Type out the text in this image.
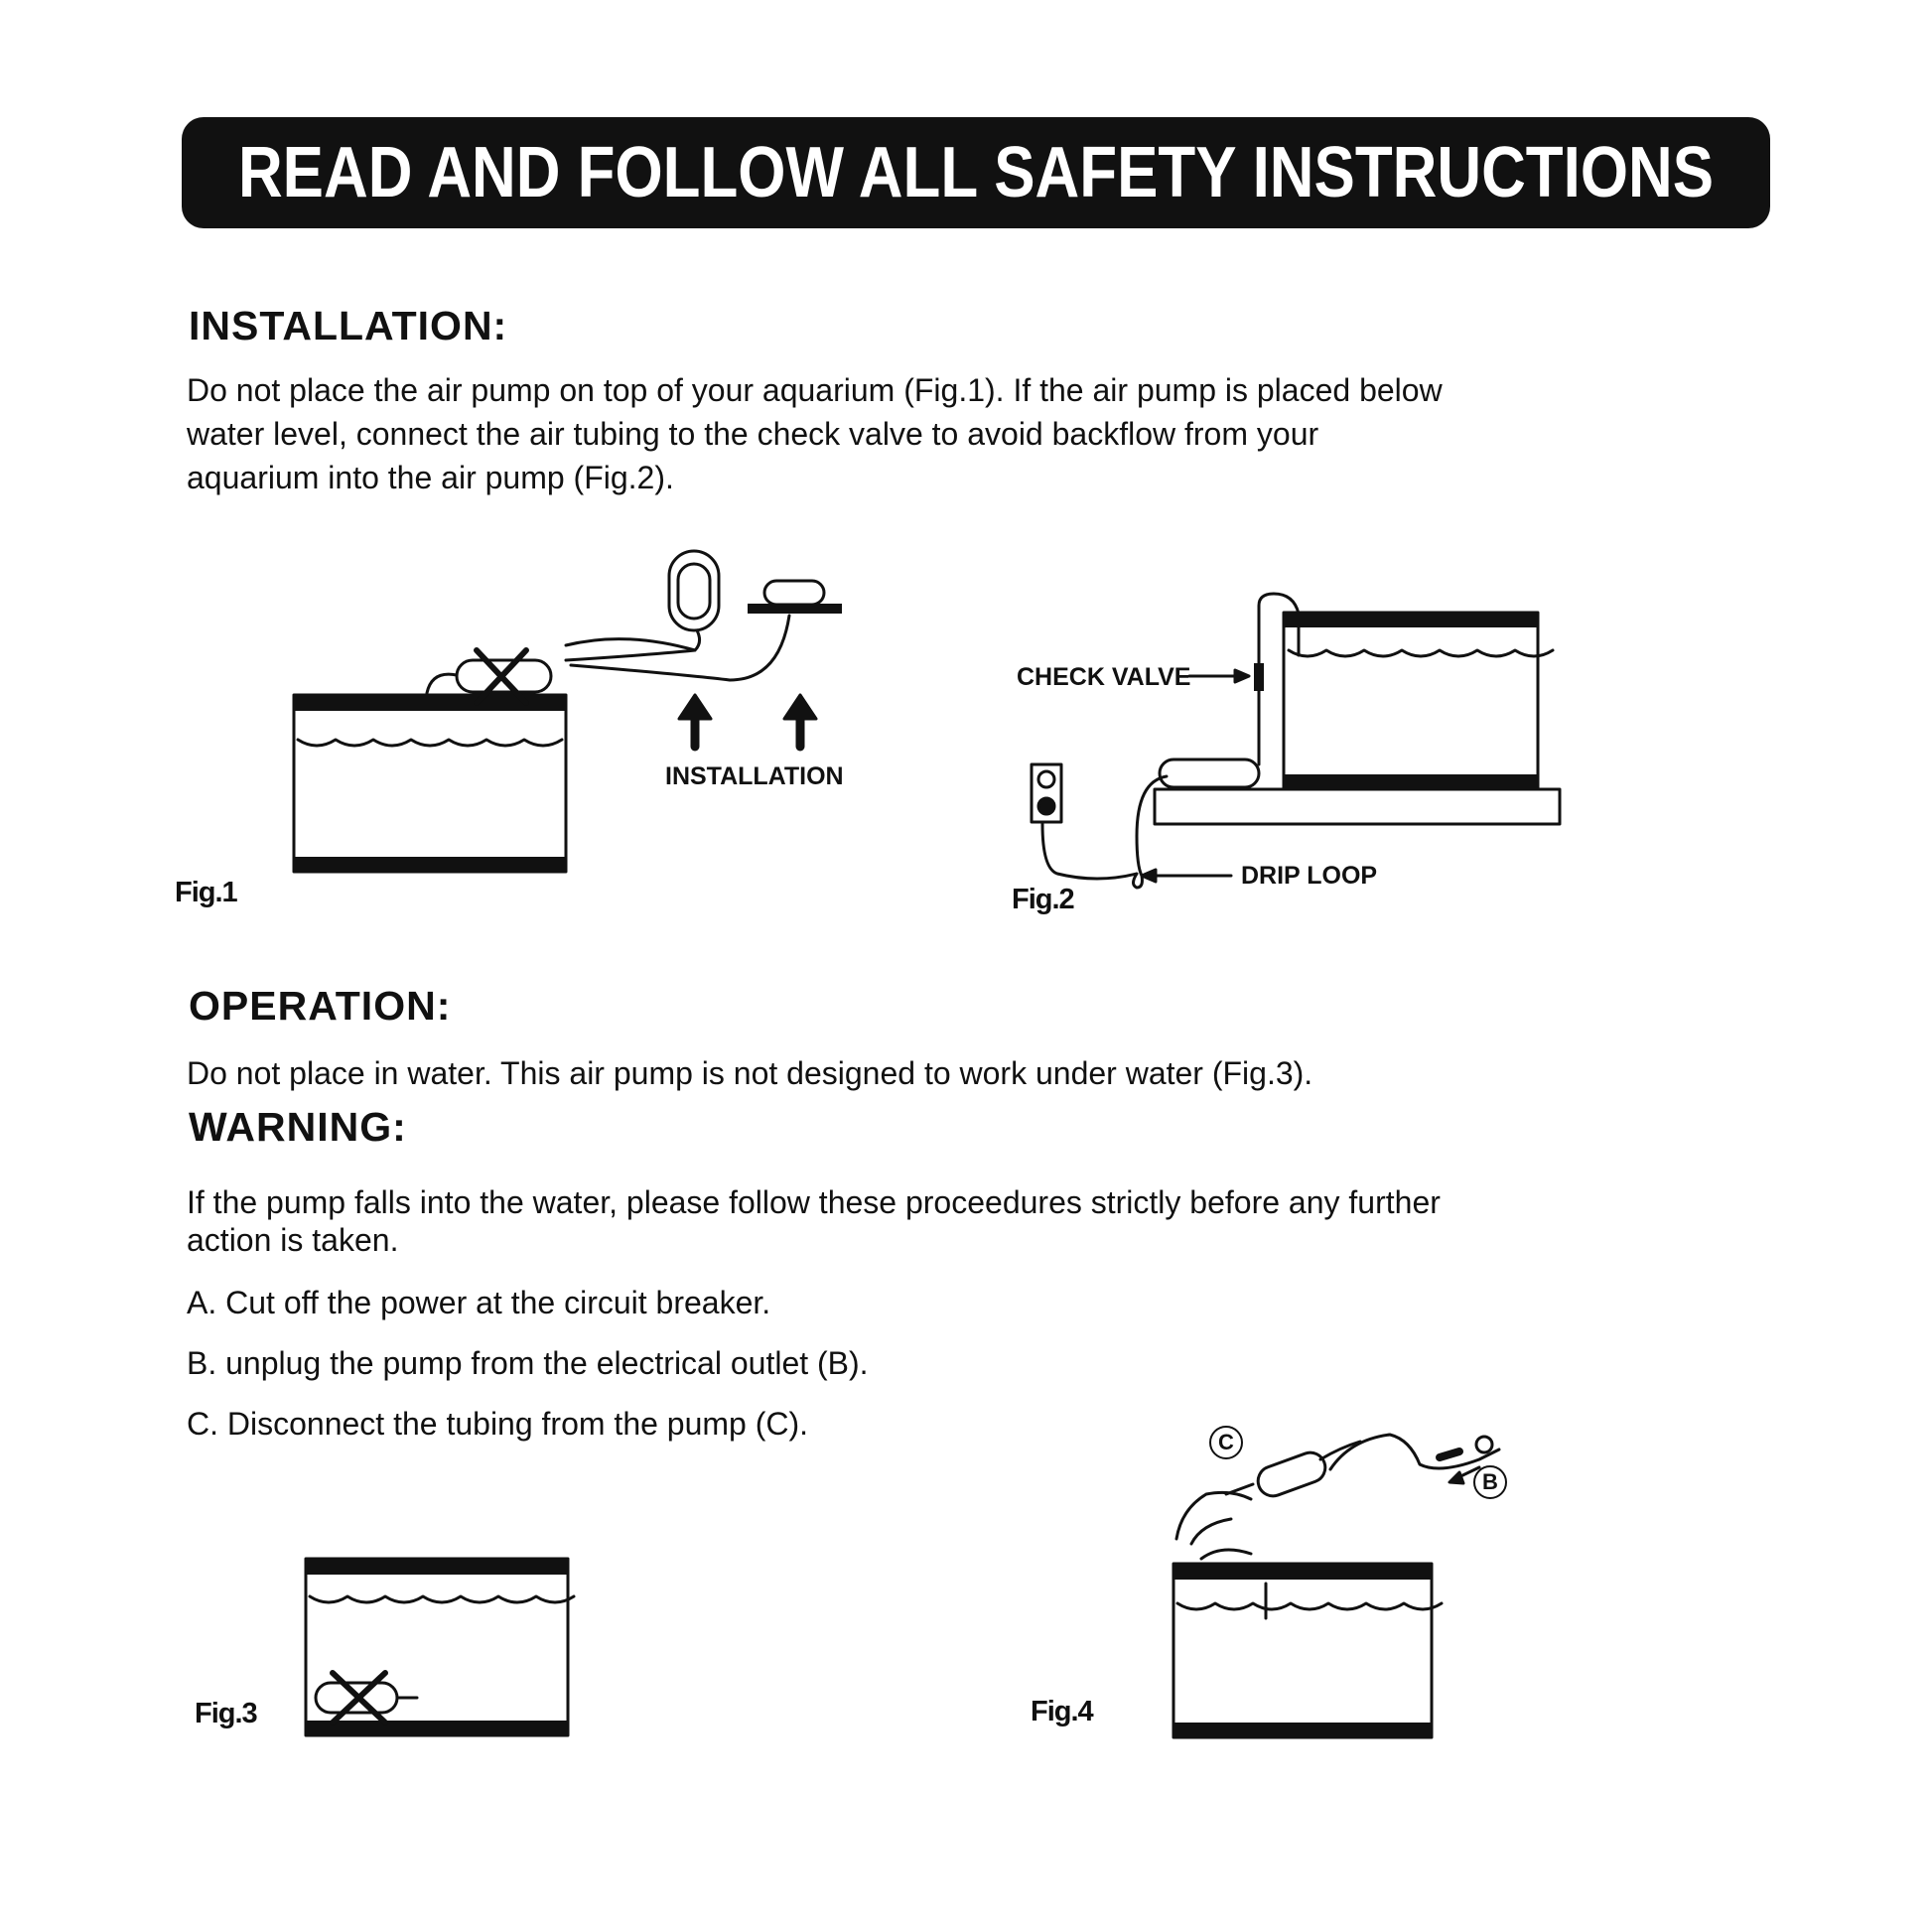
READ AND FOLLOW ALL SAFETY INSTRUCTIONS
INSTALLATION:
Do not place the air pump on top of your aquarium (Fig.1). If the air pump is placed below
water level, connect the air tubing to the check valve to avoid backflow from your
aquarium into the air pump (Fig.2).
INSTALLATION
Fig.1
CHECK VALVE
DRIP LOOP
Fig.2
OPERATION:
Do not place in water. This air pump is not designed to work under water (Fig.3).
WARNING:
If the pump falls into the water, please follow these proceedures strictly before any further
action is taken.
A. Cut off the power at the circuit breaker.
B. unplug the pump from the electrical outlet (B).
C. Disconnect the tubing from the pump (C).
Fig.3	Fig.4
C
B
